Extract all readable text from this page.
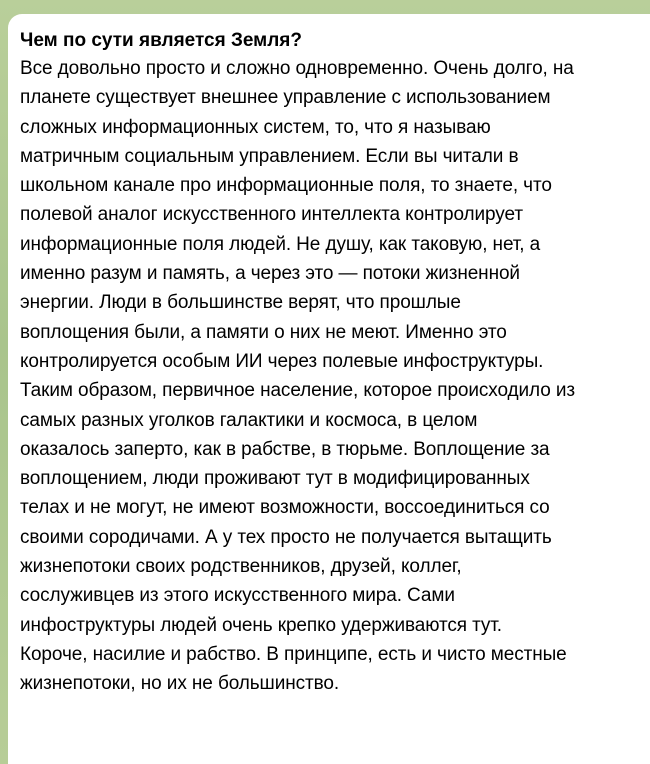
Чем по сути является Земля?
Все довольно просто и сложно одновременно. Очень долго, на
планете существует внешнее управление с использованием
сложных информационных систем, то, что я называю
матричным социальным управлением. Если вы читали в
школьном канале про информационные поля, то знаете, что
полевой аналог искусственного интеллекта контролирует
информационные поля людей. Не душу, как таковую, нет, а
именно разум и память, а через это — потоки жизненной
энергии. Люди в большинстве верят, что прошлые
воплощения были, а памяти о них не меют. Именно это
контролируется особым ИИ через полевые инфоструктуры.
Таким образом, первичное население, которое происходило из
самых разных уголков галактики и космоса, в целом
оказалось заперто, как в рабстве, в тюрьме. Воплощение за
воплощением, люди проживают тут в модифицированных
телах и не могут, не имеют возможности, воссоединиться со
своими сородичами. А у тех просто не получается вытащить
жизнепотоки своих родственников, друзей, коллег,
сослуживцев из этого искусственного мира. Сами
инфоструктуры людей очень крепко удерживаются тут.
Короче, насилие и рабство. В принципе, есть и чисто местные
жизнепотоки, но их не большинство.
